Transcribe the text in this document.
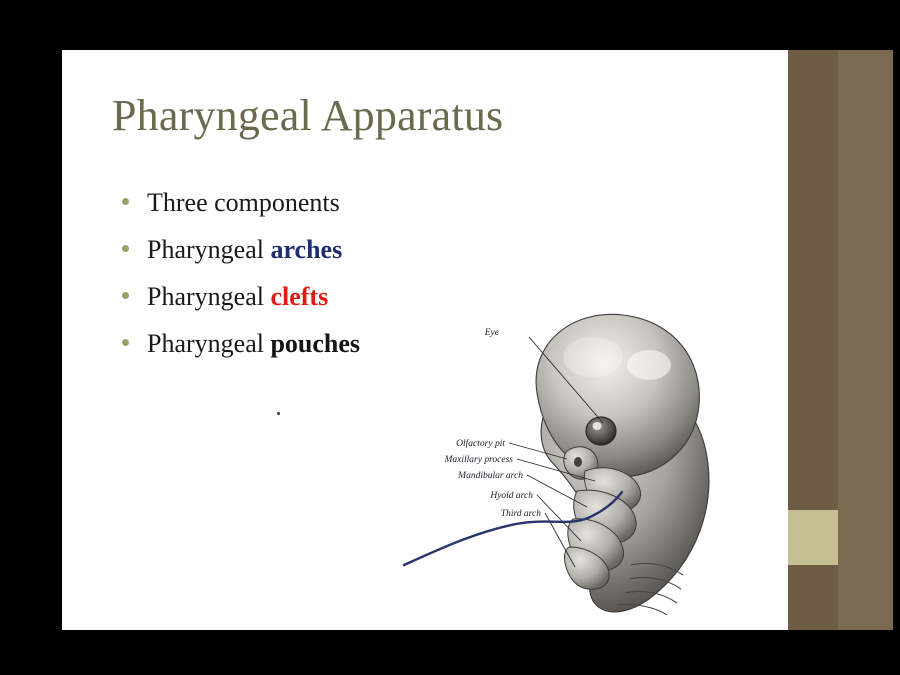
Pharyngeal Apparatus
Three components
Pharyngeal arches
Pharyngeal clefts
Pharyngeal pouches	Eye
Olfactory pit
Maxillary process
Mandibular arch
Hyoid arch
Third arch
